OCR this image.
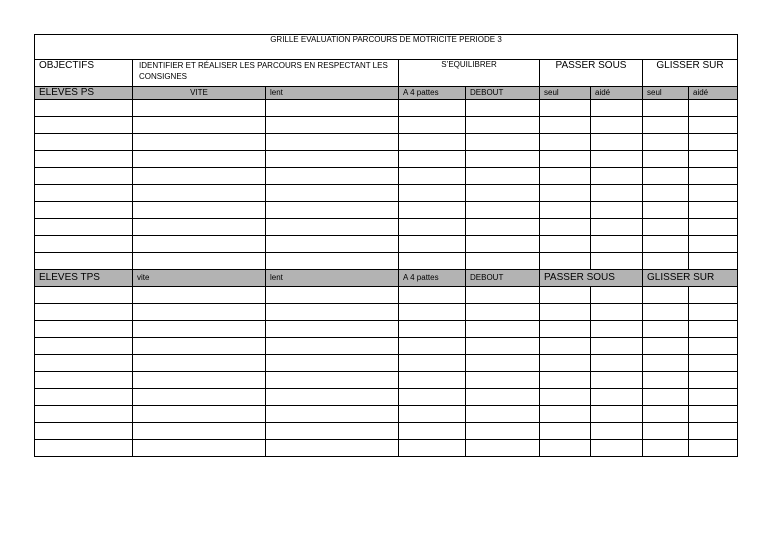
GRILLE EVALUATION PARCOURS DE MOTRICITE PERIODE 3								
OBJECTIFS	IDENTIFIER ET RÉALISER LES PARCOURS EN RESPECTANT LES CONSIGNES		S’EQUILIBRER		PASSER SOUS		GLISSER SUR	
ELEVES PS	VITE	lent	A 4 pattes	DEBOUT	seul	aidé	seul	aidé

ELEVES TPS	vite	lent	A 4 pattes	DEBOUT	PASSER SOUS		GLISSER SUR	
